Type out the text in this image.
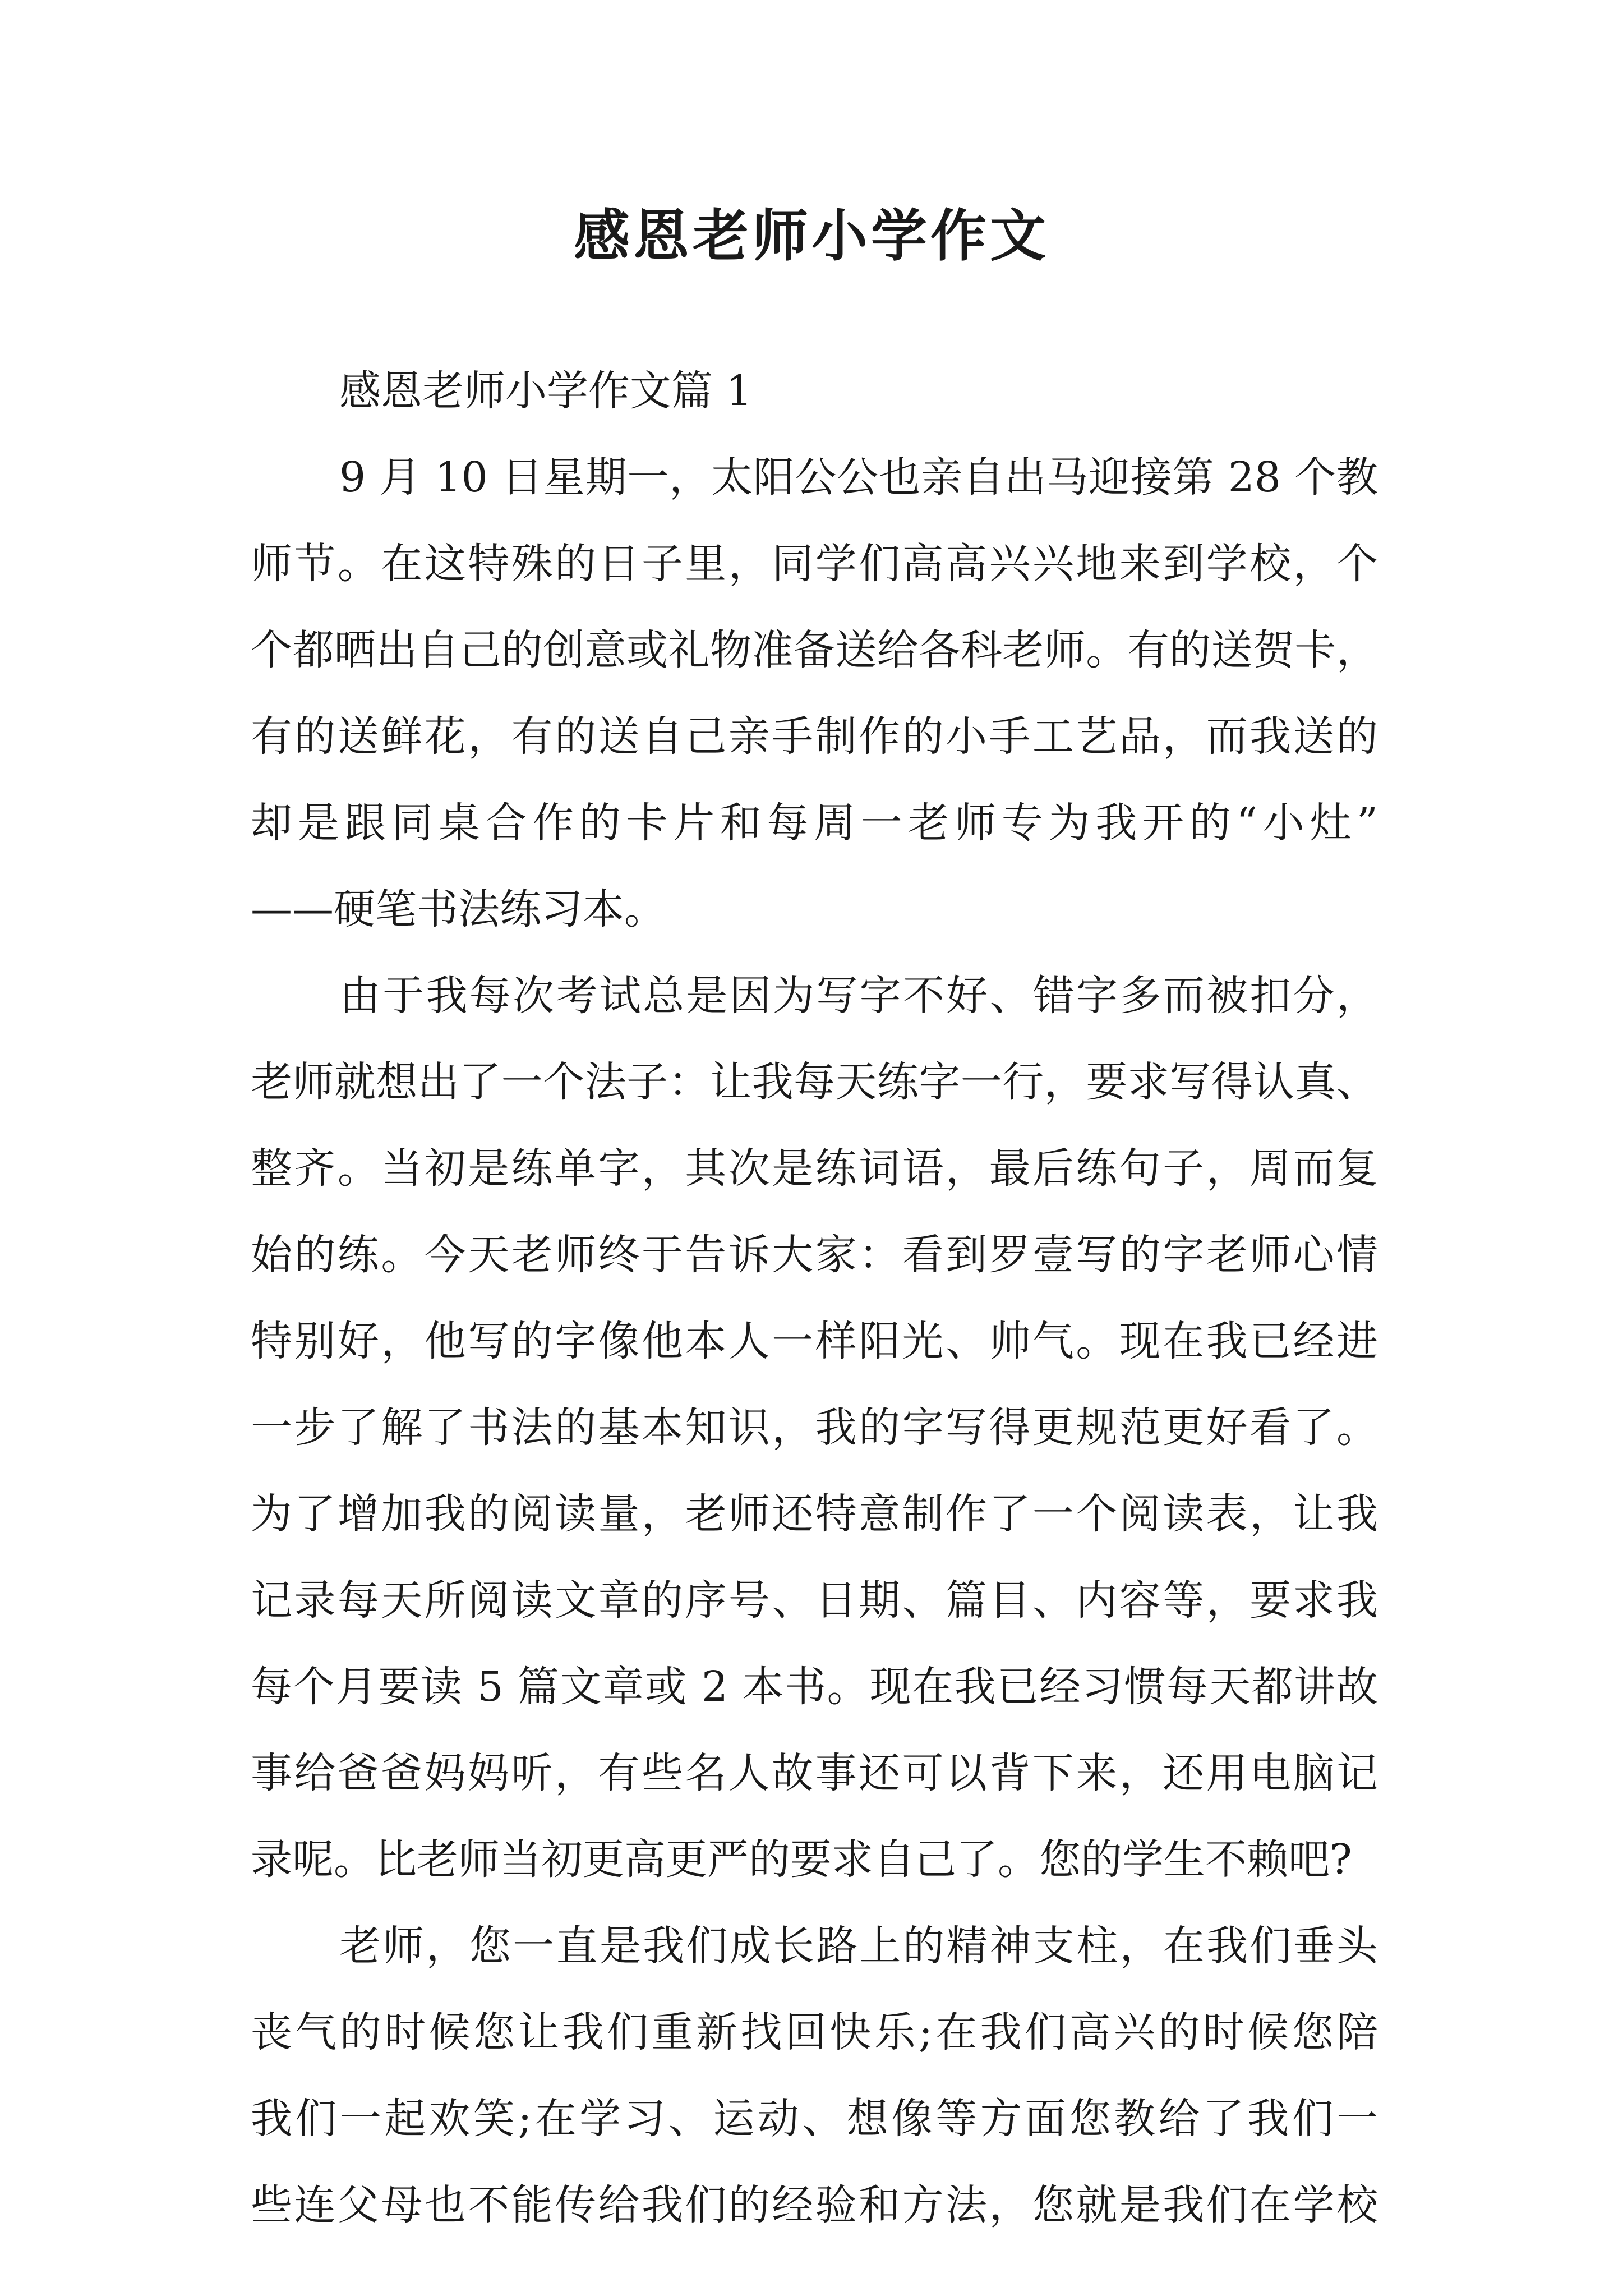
感恩老师小学作文
感恩老师小学作文篇 1
9 月 10 日星期一，太阳公公也亲自出马迎接第 28 个教
师节。在这特殊的日子里，同学们高高兴兴地来到学校，个
个都晒出自己的创意或礼物准备送给各科老师。有的送贺卡，
有的送鲜花，有的送自己亲手制作的小手工艺品，而我送的
却是跟同桌合作的卡片和每周一老师专为我开的“小灶”
——硬笔书法练习本。
由于我每次考试总是因为写字不好、错字多而被扣分，
老师就想出了一个法子：让我每天练字一行，要求写得认真、
整齐。当初是练单字，其次是练词语，最后练句子，周而复
始的练。今天老师终于告诉大家：看到罗壹写的字老师心情
特别好，他写的字像他本人一样阳光、帅气。现在我已经进
一步了解了书法的基本知识，我的字写得更规范更好看了。
为了增加我的阅读量，老师还特意制作了一个阅读表，让我
记录每天所阅读文章的序号、日期、篇目、内容等，要求我
每个月要读 5 篇文章或 2 本书。现在我已经习惯每天都讲故
事给爸爸妈妈听，有些名人故事还可以背下来，还用电脑记
录呢。比老师当初更高更严的要求自己了。您的学生不赖吧?
老师，您一直是我们成长路上的精神支柱，在我们垂头
丧气的时候您让我们重新找回快乐;在我们高兴的时候您陪
我们一起欢笑;在学习、运动、想像等方面您教给了我们一
些连父母也不能传给我们的经验和方法，您就是我们在学校
